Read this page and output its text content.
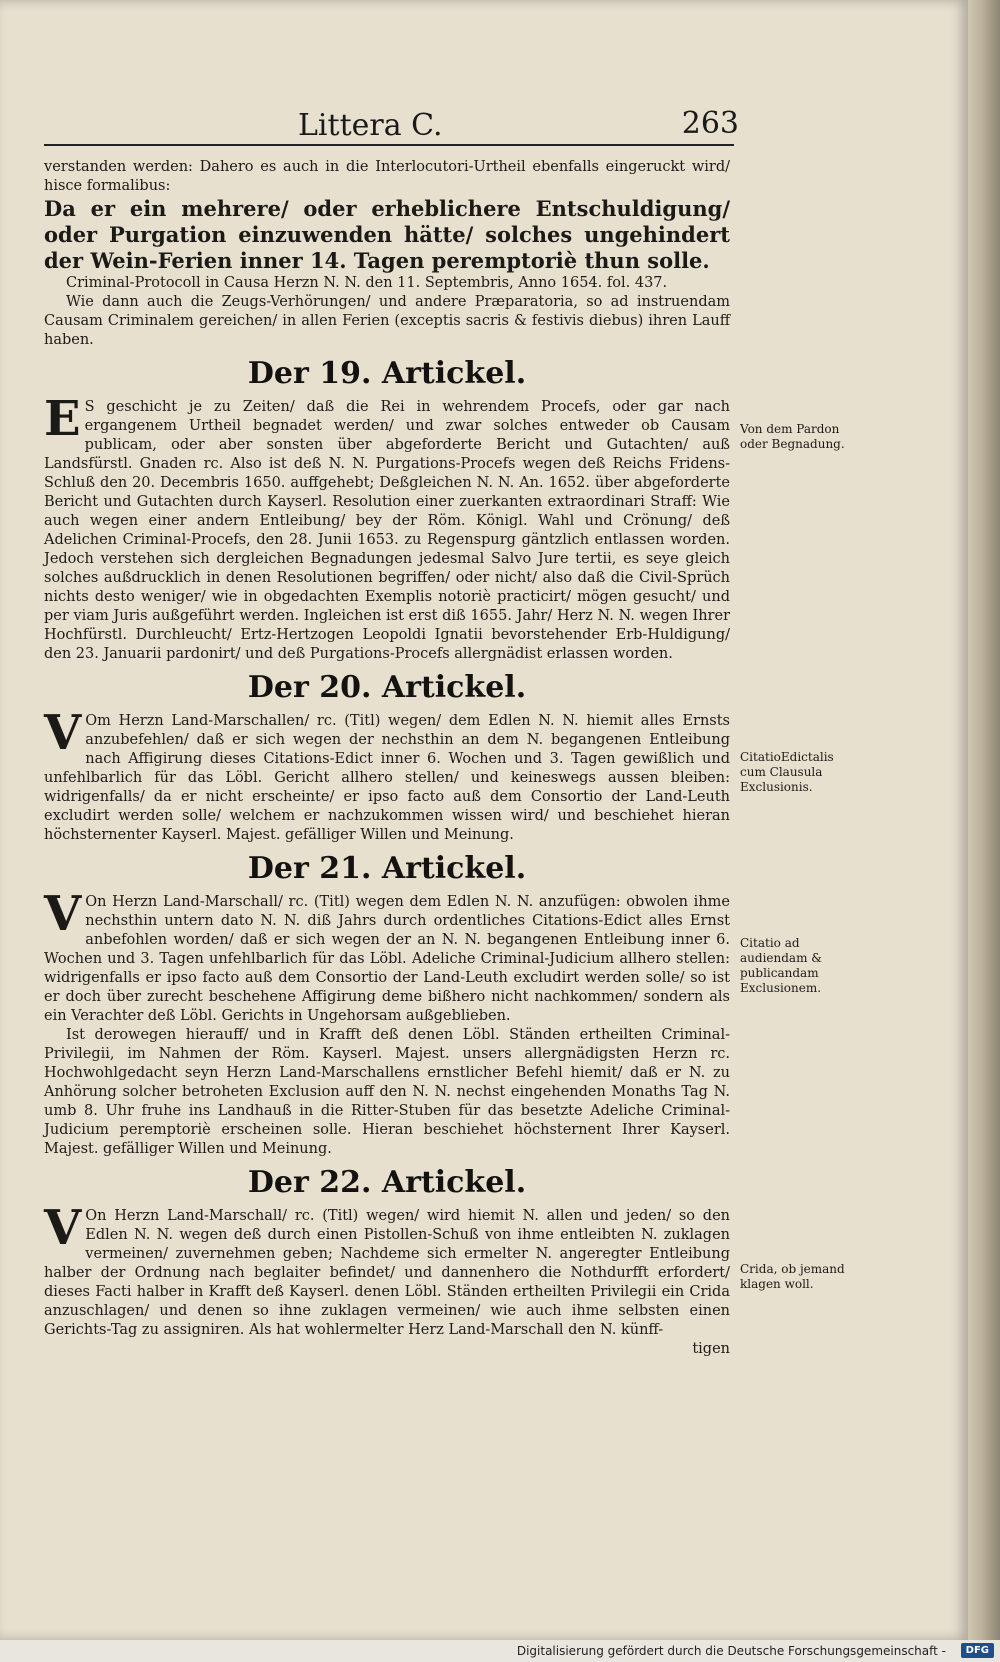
Littera C.	263

verstanden werden: Dahero es auch in die Interlocutori-Urtheil ebenfalls eingeruckt wird/ hisce formalibus:

Da er ein mehrere/ oder erheblichere Entschuldigung/ oder Purgation einzuwenden hätte/ solches ungehindert der Wein-Ferien inner 14. Tagen peremptoriè thun solle.

Criminal-Protocoll in Causa Herzn N. N. den 11. Septembris, Anno 1654. fol. 437.

Wie dann auch die Zeugs-Verhörungen/ und andere Præparatoria, so ad instruendam Causam Criminalem gereichen/ in allen Ferien (exceptis sacris & festivis diebus) ihren Lauff haben.

Der 19. Artickel.

E S geschicht je zu Zeiten/ daß die Rei in wehrendem Procefs, oder gar nach ergangenem Urtheil begnadet werden/ und zwar solches entweder ob Causam publicam, oder aber sonsten über abgeforderte Bericht und Gutachten/ auß Landsfürstl. Gnaden rc. Also ist deß N. N. Purgations-Procefs wegen deß Reichs Fridens-Schluß den 20. Decembris 1650. auffgehebt; Deßgleichen N. N. An. 1652. über abgeforderte Bericht und Gutachten durch Kayserl. Resolution einer zuerkanten extraordinari Straff: Wie auch wegen einer andern Entleibung/ bey der Röm. Königl. Wahl und Crönung/ deß Adelichen Criminal-Procefs, den 28. Junii 1653. zu Regenspurg gäntzlich entlassen worden. Jedoch verstehen sich dergleichen Begnadungen jedesmal Salvo Jure tertii, es seye gleich solches außdrucklich in denen Resolutionen begriffen/ oder nicht/ also daß die Civil-Sprüch nichts desto weniger/ wie in obgedachten Exemplis notoriè practicirt/ mögen gesucht/ und per viam Juris außgeführt werden. Ingleichen ist erst diß 1655. Jahr/ Herz N. N. wegen Ihrer Hochfürstl. Durchleucht/ Ertz-Hertzogen Leopoldi Ignatii bevorstehender Erb-Huldigung/ den 23. Januarii pardonirt/ und deß Purgations-Procefs allergnädist erlassen worden.

Der 20. Artickel.

V Om Herzn Land-Marschallen/ rc. (Titl) wegen/ dem Edlen N. N. hiemit alles Ernsts anzubefehlen/ daß er sich wegen der nechsthin an dem N. begangenen Entleibung nach Affigirung dieses Citations-Edict inner 6. Wochen und 3. Tagen gewißlich und unfehlbarlich für das Löbl. Gericht allhero stellen/ und keineswegs aussen bleiben: widrigenfalls/ da er nicht erscheinte/ er ipso facto auß dem Consortio der Land-Leuth excludirt werden solle/ welchem er nachzukommen wissen wird/ und beschiehet hieran höchsternenter Kayserl. Majest. gefälliger Willen und Meinung.

Der 21. Artickel.

V On Herzn Land-Marschall/ rc. (Titl) wegen dem Edlen N. N. anzufügen: obwolen ihme nechsthin untern dato N. N. diß Jahrs durch ordentliches Citations-Edict alles Ernst anbefohlen worden/ daß er sich wegen der an N. N. begangenen Entleibung inner 6. Wochen und 3. Tagen unfehlbarlich für das Löbl. Adeliche Criminal-Judicium allhero stellen: widrigenfalls er ipso facto auß dem Consortio der Land-Leuth excludirt werden solle/ so ist er doch über zurecht beschehene Affigirung deme bißhero nicht nachkommen/ sondern als ein Verachter deß Löbl. Gerichts in Ungehorsam außgeblieben.

Ist derowegen hierauff/ und in Krafft deß denen Löbl. Ständen ertheilten Criminal-Privilegii, im Nahmen der Röm. Kayserl. Majest. unsers allergnädigsten Herzn rc. Hochwohlgedacht seyn Herzn Land-Marschallens ernstlicher Befehl hiemit/ daß er N. zu Anhörung solcher betroheten Exclusion auff den N. N. nechst eingehenden Monaths Tag N. umb 8. Uhr fruhe ins Landhauß in die Ritter-Stuben für das besetzte Adeliche Criminal-Judicium peremptoriè erscheinen solle. Hieran beschiehet höchsternent Ihrer Kayserl. Majest. gefälliger Willen und Meinung.

Der 22. Artickel.

V On Herzn Land-Marschall/ rc. (Titl) wegen/ wird hiemit N. allen und jeden/ so den Edlen N. N. wegen deß durch einen Pistollen-Schuß von ihme entleibten N. zuklagen vermeinen/ zuvernehmen geben; Nachdeme sich ermelter N. angeregter Entleibung halber der Ordnung nach beglaiter befindet/ und dannenhero die Nothdurfft erfordert/ dieses Facti halber in Krafft deß Kayserl. denen Löbl. Ständen ertheilten Privilegii ein Crida anzuschlagen/ und denen so ihne zuklagen vermeinen/ wie auch ihme selbsten einen Gerichts-Tag zu assigniren. Als hat wohlermelter Herz Land-Marschall den N. künff-

tigen

Von dem Pardon oder Begnadung.
CitatioEdictalis cum Clausula Exclusionis.
Citatio ad audiendam & publicandam Exclusionem.
Crida, ob jemand klagen woll.
Digitalisierung gefördert durch die Deutsche Forschungsgemeinschaft -	DFG
